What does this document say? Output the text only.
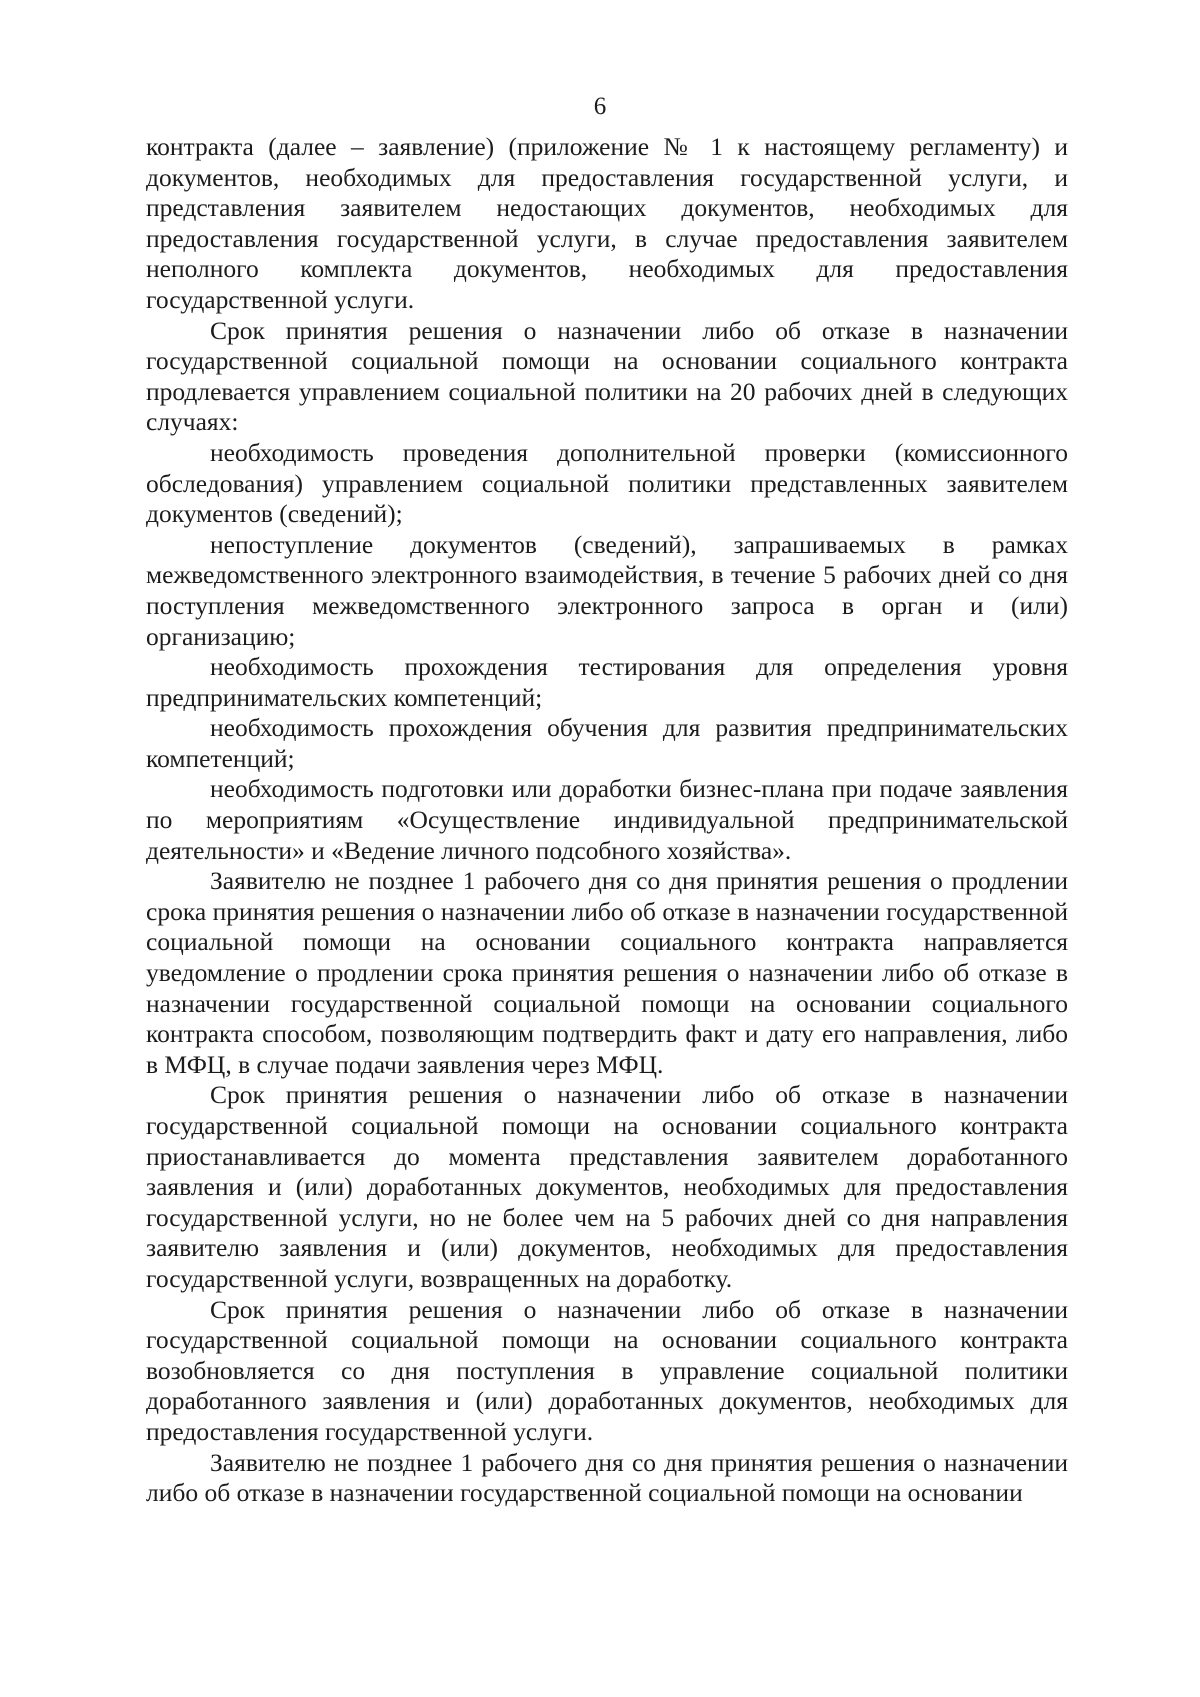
6

контракта (далее – заявление) (приложение № 1 к настоящему регламенту) и документов, необходимых для предоставления государственной услуги, и представления заявителем недостающих документов, необходимых для предоставления государственной услуги, в случае предоставления заявителем неполного комплекта документов, необходимых для предоставления государственной услуги.

Срок принятия решения о назначении либо об отказе в назначении государственной социальной помощи на основании социального контракта продлевается управлением социальной политики на 20 рабочих дней в следующих случаях:

необходимость проведения дополнительной проверки (комиссионного обследования) управлением социальной политики представленных заявителем документов (сведений);

непоступление документов (сведений), запрашиваемых в рамках межведомственного электронного взаимодействия, в течение 5 рабочих дней со дня поступления межведомственного электронного запроса в орган и (или) организацию;

необходимость прохождения тестирования для определения уровня предпринимательских компетенций;

необходимость прохождения обучения для развития предпринимательских компетенций;

необходимость подготовки или доработки бизнес-плана при подаче заявления по мероприятиям «Осуществление индивидуальной предпринимательской деятельности» и «Ведение личного подсобного хозяйства».

Заявителю не позднее 1 рабочего дня со дня принятия решения о продлении срока принятия решения о назначении либо об отказе в назначении государственной социальной помощи на основании социального контракта направляется уведомление о продлении срока принятия решения о назначении либо об отказе в назначении государственной социальной помощи на основании социального контракта способом, позволяющим подтвердить факт и дату его направления, либо в МФЦ, в случае подачи заявления через МФЦ.

Срок принятия решения о назначении либо об отказе в назначении государственной социальной помощи на основании социального контракта приостанавливается до момента представления заявителем доработанного заявления и (или) доработанных документов, необходимых для предоставления государственной услуги, но не более чем на 5 рабочих дней со дня направления заявителю заявления и (или) документов, необходимых для предоставления государственной услуги, возвращенных на доработку.

Срок принятия решения о назначении либо об отказе в назначении государственной социальной помощи на основании социального контракта возобновляется со дня поступления в управление социальной политики доработанного заявления и (или) доработанных документов, необходимых для предоставления государственной услуги.

Заявителю не позднее 1 рабочего дня со дня принятия решения о назначении либо об отказе в назначении государственной социальной помощи на основании
